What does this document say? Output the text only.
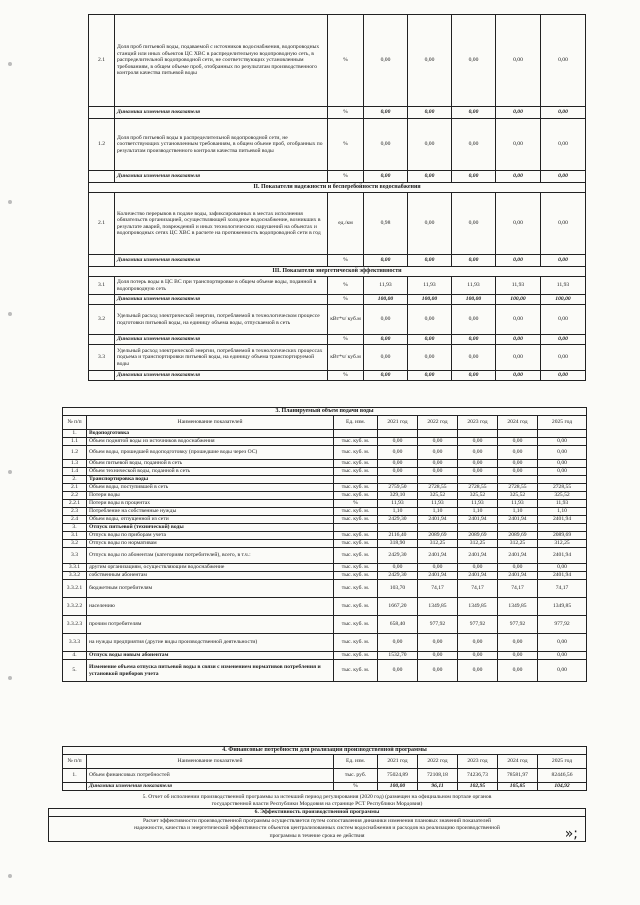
2.1	Доля проб питьевой воды, подаваемой с источников водоснабжения, водопроводных станций или иных объектов ЦС ХВС в распределительную водопроводную сеть, в распределительной водопроводной сети, не соответствующих установленным требованиям, в общем объеме проб, отобранных по результатам производственного контроля качества питьевой воды	%	0,00	0,00	0,00	0,00	0,00
	Динамика изменения показателя	%	0,00	0,00	0,00	0,00	0,00
1.2	Доля проб питьевой воды в распределительной водопроводной сети, не соответствующих установленным требованиям, в общем объеме проб, отобранных по результатам производственного контроля качества питьевой воды	%	0,00	0,00	0,00	0,00	0,00
	Динамика изменения показателя	%	0,00	0,00	0,00	0,00	0,00
II. Показатели надежности и бесперебойности водоснабжения							
2.1	Количество перерывов в подаче воды, зафиксированных в местах исполнения обязательств организацией, осуществляющей холодное водоснабжение, возникших в результате аварий, повреждений и иных технологических нарушений на объектах и водопроводных сетях ЦС ХВС в расчете на протяженность водопроводной сети в год	ед./км	0,98	0,00	0,00	0,00	0,00
	Динамика изменения показателя	%	0,00	0,00	0,00	0,00	0,00
III. Показатели энергетической эффективности							
3.1	Доля потерь воды в ЦС ВС при транспортировке в общем объеме воды, поданной в водопроводную сеть	%	11,93	11,93	11,93	11,93	11,93
	Динамика изменения показателя	%	100,00	100,00	100,00	100,00	100,00
3.2	Удельный расход электрической энергии, потребляемой в технологическом процессе подготовки питьевой воды, на единицу объема воды, отпускаемой в сеть	кВт*ч/ куб.м	0,00	0,00	0,00	0,00	0,00
	Динамика изменения показателя	%	0,00	0,00	0,00	0,00	0,00
3.3	Удельный расход электрической энергии, потребляемой в технологических процессах подъема и транспортировки питьевой воды, на единицу объема транспортируемой воды	кВт*ч/ куб.м	0,00	0,00	0,00	0,00	0,00
	Динамика изменения показателя	%	0,00	0,00	0,00	0,00	0,00
3. Планируемый объем подачи воды							
№ п/п	Наименование показателей	Ед. изм.	2021 год	2022 год	2023 год	2024 год	2025 год
1.	Водоподготовка						
1.1	Объем поднятой воды из источников водоснабжения	тыс. куб. м.	0,00	0,00	0,00	0,00	0,00
1.2	Объем воды, прошедшей водоподготовку (прошедшие воды через ОС)	тыс. куб. м.	0,00	0,00	0,00	0,00	0,00
1.3	Объем питьевой воды, поданной в сеть	тыс. куб. м.	0,00	0,00	0,00	0,00	0,00
1.4	Объем технической воды, поданной в сеть	тыс. куб. м.	0,00	0,00	0,00	0,00	0,00
2.	Транспортировка воды						
2.1	Объем воды, поступившей в сеть	тыс. куб. м.	2759,50	2728,55	2728,55	2728,55	2728,55
2.2	Потери воды	тыс. куб. м.	329,10	325,52	325,52	325,52	325,52
2.2.1	Потери воды в процентах	%	11,93	11,93	11,93	11,93	11,93
2.3	Потребление на собственные нужды	тыс. куб. м.	1,10	1,10	1,10	1,10	1,10
2.4	Объем воды, отпущенной из сети	тыс. куб. м.	2429,30	2401,94	2401,94	2401,94	2401,94
3.	Отпуск питьевой (технической) воды						
3.1	Отпуск воды по приборам учета	тыс. куб. м.	2116,40	2089,69	2089,69	2089,69	2089,69
3.2	Отпуск воды по нормативам	тыс. куб. м.	318,90	312,25	312,25	312,25	312,25
3.3	Отпуск воды по абонентам (категориям потребителей), всего, в т.ч.:	тыс. куб. м.	2429,30	2401,94	2401,94	2401,94	2401,94
3.3.1	другим организациям, осуществляющим водоснабжение	тыс. куб. м.	0,00	0,00	0,00	0,00	0,00
3.3.2	собственным абонентам	тыс. куб. м.	2429,30	2401,94	2401,94	2401,94	2401,94
3.3.2.1	бюджетным потребителям	тыс. куб. м.	103,70	74,17	74,17	74,17	74,17
3.3.2.2	населению	тыс. куб. м.	1667,20	1349,85	1349,85	1349,85	1349,85
3.3.2.3	прочим потребителям	тыс. куб. м.	658,40	977,92	977,92	977,92	977,92
3.3.3	на нужды предприятия (другие виды производственной деятельности)	тыс. куб. м.	0,00	0,00	0,00	0,00	0,00
4.	Отпуск воды новым абонентам	тыс. куб. м.	1532,70	0,00	0,00	0,00	0,00
5.	Изменение объема отпуска питьевой воды в связи с изменением нормативов потребления и установкой приборов учета	тыс. куб. м.	0,00	0,00	0,00	0,00	0,00
4. Финансовые потребности для реализации производственной программы							
№ п/п	Наименование показателей	Ед. изм.	2021 год	2022 год	2023 год	2024 год	2025 год
1.	Объем финансовых потребностей	тыс. руб.	75024,89	72108,18	74236,73	78581,97	82446,56
	Динамика изменения показателя	%	100,00	96,11	102,95	105,85	104,92
5. Отчет об исполнении производственной программы за истекший период регулирования (2020 год) (размещен на официальном портале органов
государственной власти Республики Мордовия на странице РСТ Республики Мордовия)
6. Эффективность производственной программы
Расчет эффективности производственной программы осуществляется путем сопоставления динамики изменения плановых значений показателей
надежности, качества и энергетической эффективности объектов централизованных систем водоснабжения и расходов на реализацию производственной
программы в течение срока ее действия	»;
